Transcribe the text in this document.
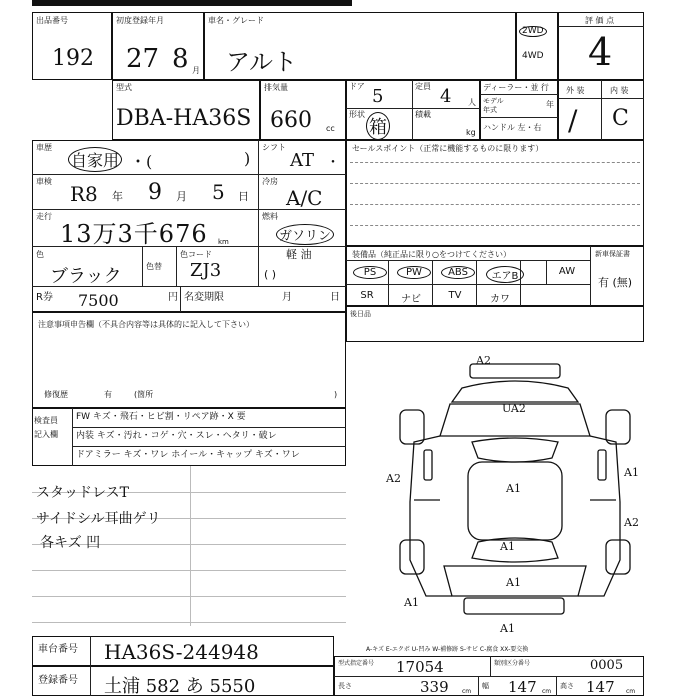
出品番号
192
初度登録年月
27 8 月
車名・グレード
アルト
2WD
4WD
評 価 点
4
型式
DBA-HA36S
排気量
660 cc
ドア 5	定員 4 人
形状
箱
積載
kg
ディーラー・並 行
モデル
年式
年
ハンドル 左・右
外 装	内 装
/ C
車歴
自家用 ・(	)
シフト
AT ・
車検
R8 年 9 月 5 日
冷房
A/C
走行
13万3千676 km
燃料
ガソリン
色
ブラック	色替
色コード
ZJ3
軽 油
( )
R券 7500	円 名変期限	月	日
セールスポイント（正常に機能するものに限ります）
装備品（純正品に限り○をつけてください）	新車保証書
PS	PW	ABS	エアB	AW
SR	ナビ	TV	カワ
有 (無)
後日品
注意事項申告欄（不具合内容等は具体的に記入して下さい）
修復歴	有	(箇所	)
検査員
記入欄
FW キズ・飛石・ヒビ割・リペア跡・X 要
内装 キズ・汚れ・コゲ・穴・スレ・ヘタリ・破レ
ドアミラー キズ・ワレ ホイール・キャップ キズ・ワレ
スタッドレスT
サイドシル耳曲ゲリ
各キズ 凹
A2
UA2
A2
A1
A1
A1
A2
A1
A1
A1
車台番号 HA36S-244948
登録番号 土浦 582 あ 5550
A-キズ E-エクボ U-凹み W-補修跡 S-サビ C-腐食 XX-要交換
型式指定番号 17054	類別区分番号	0005
長さ	339 cm
幅 147 cm
高さ 147 cm
